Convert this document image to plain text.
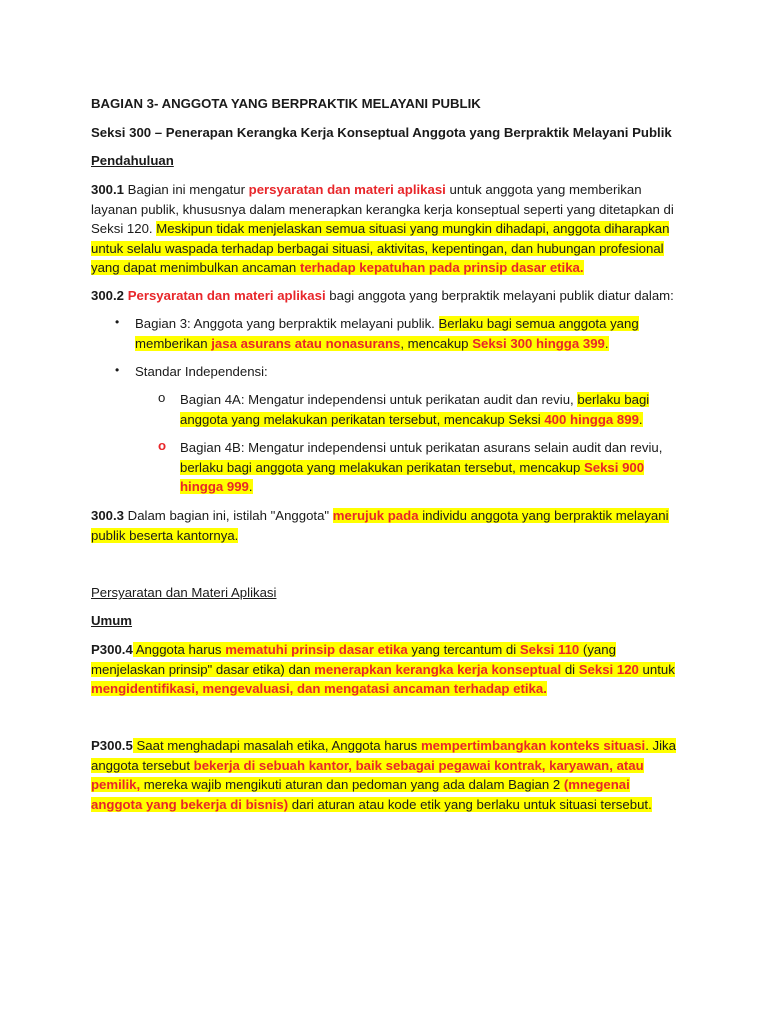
BAGIAN 3- ANGGOTA YANG BERPRAKTIK MELAYANI PUBLIK

Seksi 300 – Penerapan Kerangka Kerja Konseptual Anggota yang Berpraktik Melayani Publik

Pendahuluan

300.1 Bagian ini mengatur persyaratan dan materi aplikasi untuk anggota yang memberikan layanan publik, khususnya dalam menerapkan kerangka kerja konseptual seperti yang ditetapkan di Seksi 120. Meskipun tidak menjelaskan semua situasi yang mungkin dihadapi, anggota diharapkan untuk selalu waspada terhadap berbagai situasi, aktivitas, kepentingan, dan hubungan profesional yang dapat menimbulkan ancaman terhadap kepatuhan pada prinsip dasar etika.

300.2 Persyaratan dan materi aplikasi bagi anggota yang berpraktik melayani publik diatur dalam:

• Bagian 3: Anggota yang berpraktik melayani publik. Berlaku bagi semua anggota yang memberikan jasa asurans atau nonasurans, mencakup Seksi 300 hingga 399.

• Standar Independensi:

o Bagian 4A: Mengatur independensi untuk perikatan audit dan reviu, berlaku bagi anggota yang melakukan perikatan tersebut, mencakup Seksi 400 hingga 899.

o Bagian 4B: Mengatur independensi untuk perikatan asurans selain audit dan reviu, berlaku bagi anggota yang melakukan perikatan tersebut, mencakup Seksi 900 hingga 999.

300.3 Dalam bagian ini, istilah "Anggota" merujuk pada individu anggota yang berpraktik melayani publik beserta kantornya.

Persyaratan dan Materi Aplikasi

Umum

P300.4 Anggota harus mematuhi prinsip dasar etika yang tercantum di Seksi 110 (yang menjelaskan prinsip" dasar etika) dan menerapkan kerangka kerja konseptual di Seksi 120 untuk mengidentifikasi, mengevaluasi, dan mengatasi ancaman terhadap etika.

P300.5 Saat menghadapi masalah etika, Anggota harus mempertimbangkan konteks situasi. Jika anggota tersebut bekerja di sebuah kantor, baik sebagai pegawai kontrak, karyawan, atau pemilik, mereka wajib mengikuti aturan dan pedoman yang ada dalam Bagian 2 (mnegenai anggota yang bekerja di bisnis) dari aturan atau kode etik yang berlaku untuk situasi tersebut.
